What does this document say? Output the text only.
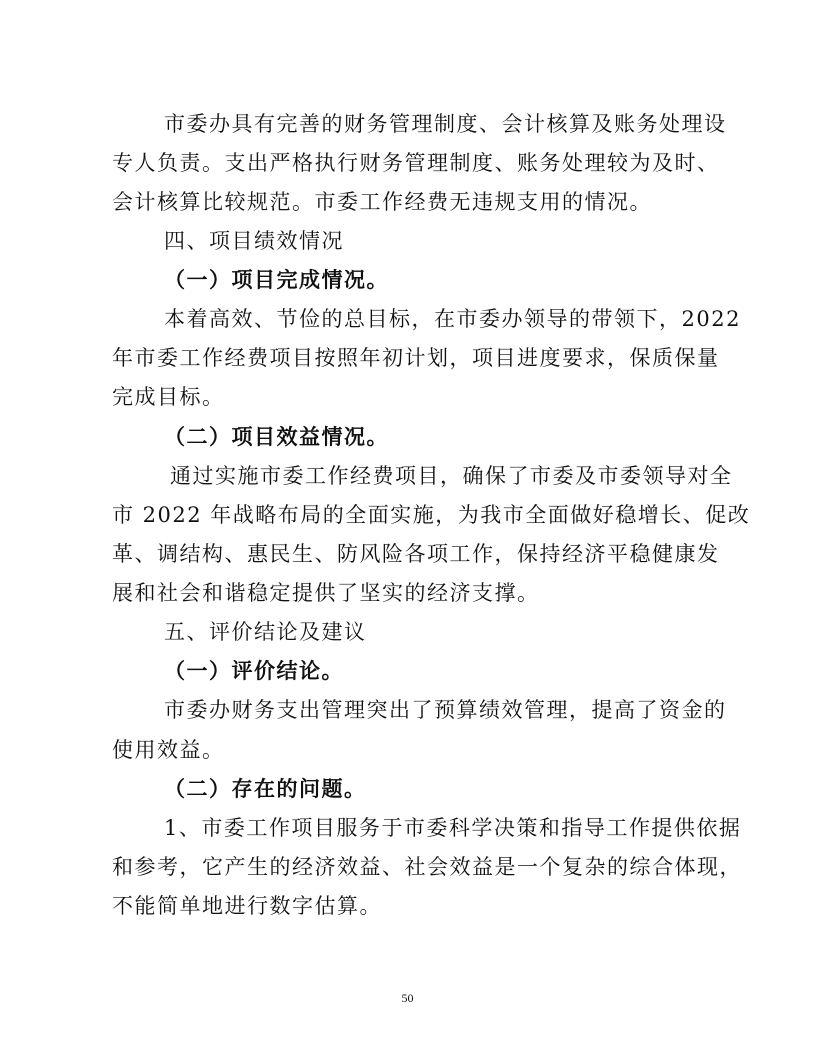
市委办具有完善的财务管理制度、会计核算及账务处理设
专人负责。支出严格执行财务管理制度、账务处理较为及时、
会计核算比较规范。市委工作经费无违规支用的情况。
四、项目绩效情况
（一）项目完成情况。
本着高效、节俭的总目标，在市委办领导的带领下，2022
年市委工作经费项目按照年初计划，项目进度要求，保质保量
完成目标。
（二）项目效益情况。
通过实施市委工作经费项目，确保了市委及市委领导对全
市 2022 年战略布局的全面实施，为我市全面做好稳增长、促改
革、调结构、惠民生、防风险各项工作，保持经济平稳健康发
展和社会和谐稳定提供了坚实的经济支撑。
五、评价结论及建议
（一）评价结论。
市委办财务支出管理突出了预算绩效管理，提高了资金的
使用效益。
（二）存在的问题。
1、市委工作项目服务于市委科学决策和指导工作提供依据
和参考，它产生的经济效益、社会效益是一个复杂的综合体现，
不能简单地进行数字估算。
50
